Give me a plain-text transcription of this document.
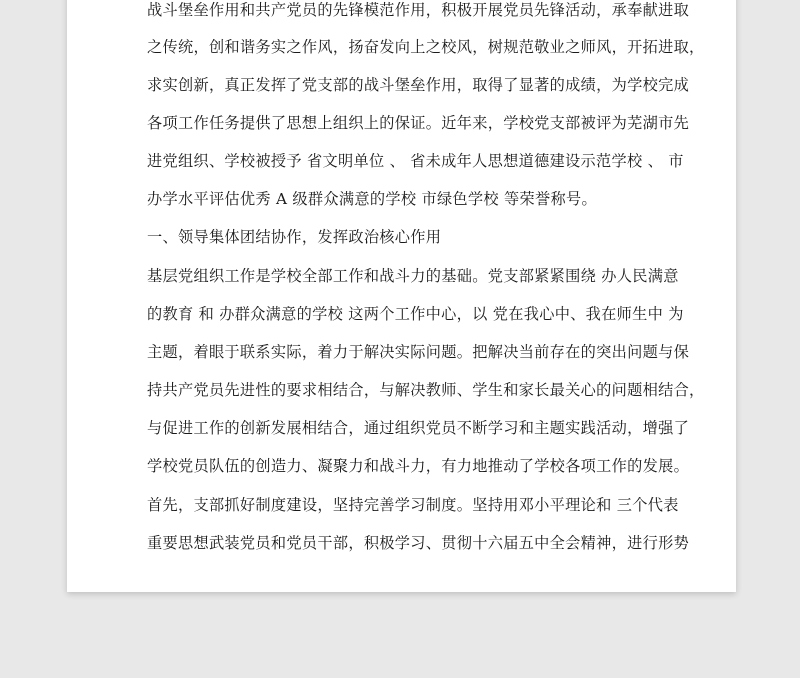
战斗堡垒作用和共产党员的先锋模范作用，积极开展党员先锋活动，承奉献进取
之传统，创和谐务实之作风，扬奋发向上之校风，树规范敬业之师风，开拓进取，
求实创新，真正发挥了党支部的战斗堡垒作用，取得了显著的成绩，为学校完成
各项工作任务提供了思想上组织上的保证。近年来，学校党支部被评为芜湖市先
进党组织、学校被授予 省文明单位 、 省未成年人思想道德建设示范学校 、 市
办学水平评估优秀 A 级群众满意的学校 市绿色学校 等荣誉称号。
一、领导集体团结协作，发挥政治核心作用
基层党组织工作是学校全部工作和战斗力的基础。党支部紧紧围绕 办人民满意
的教育 和 办群众满意的学校 这两个工作中心，以 党在我心中、我在师生中 为
主题，着眼于联系实际，着力于解决实际问题。把解决当前存在的突出问题与保
持共产党员先进性的要求相结合，与解决教师、学生和家长最关心的问题相结合，
与促进工作的创新发展相结合，通过组织党员不断学习和主题实践活动，增强了
学校党员队伍的创造力、凝聚力和战斗力，有力地推动了学校各项工作的发展。
首先，支部抓好制度建设，坚持完善学习制度。坚持用邓小平理论和 三个代表
重要思想武装党员和党员干部，积极学习、贯彻十六届五中全会精神，进行形势
